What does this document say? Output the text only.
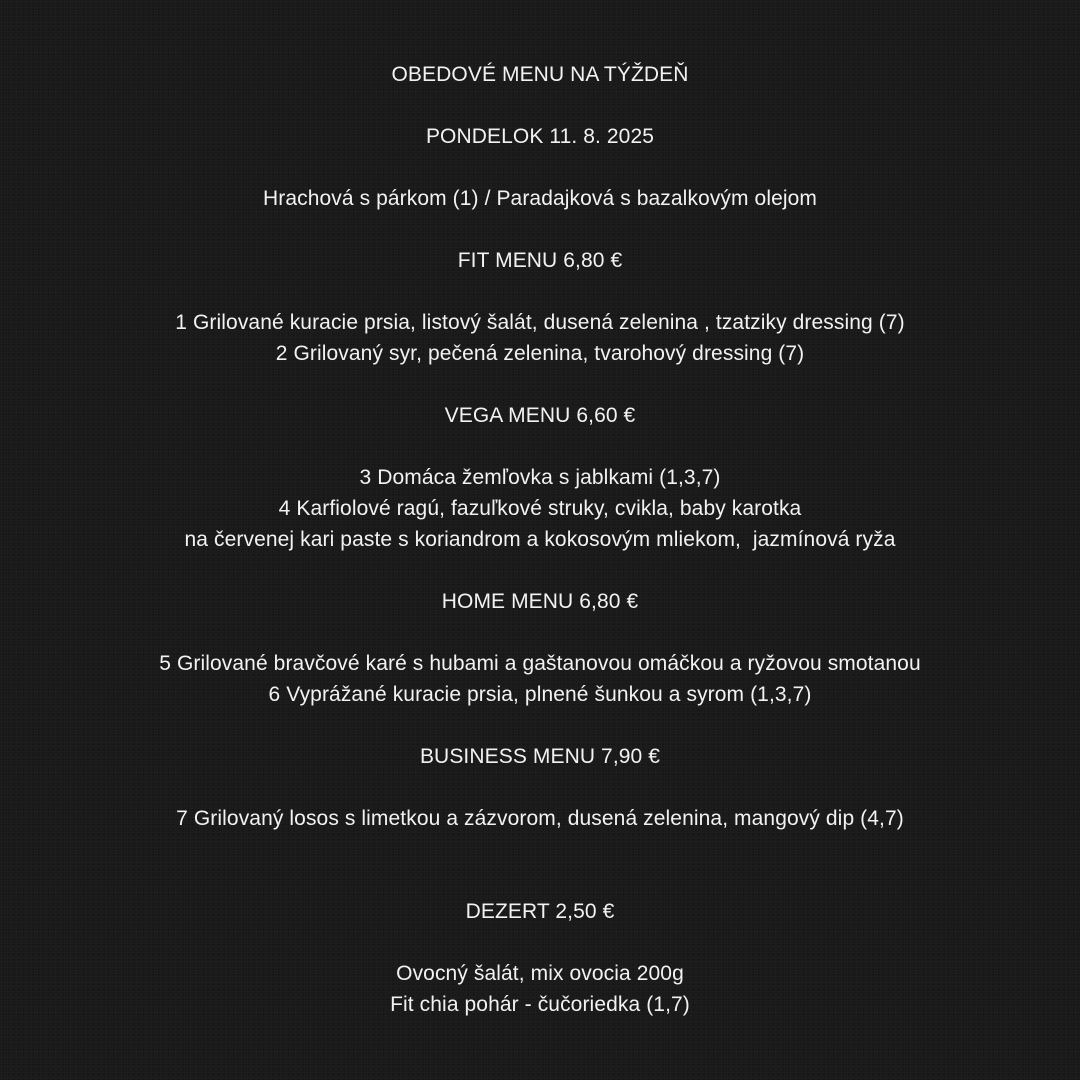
OBEDOVÉ MENU NA TÝŽDEŇ

PONDELOK 11. 8. 2025

Hrachová s párkom (1) / Paradajková s bazalkovým olejom

FIT MENU 6,80 €

1 Grilované kuracie prsia, listový šalát, dusená zelenina , tzatziky dressing (7)

2 Grilovaný syr, pečená zelenina, tvarohový dressing (7)

VEGA MENU 6,60 €

3 Domáca žemľovka s jablkami (1,3,7)

4 Karfiolové ragú, fazuľkové struky, cvikla, baby karotka

na červenej kari paste s koriandrom a kokosovým mliekom,  jazmínová ryža

HOME MENU 6,80 €

5 Grilované bravčové karé s hubami a gaštanovou omáčkou a ryžovou smotanou

6 Vyprážané kuracie prsia, plnené šunkou a syrom (1,3,7)

BUSINESS MENU 7,90 €

7 Grilovaný losos s limetkou a zázvorom, dusená zelenina, mangový dip (4,7)

DEZERT 2,50 €

Ovocný šalát, mix ovocia 200g

Fit chia pohár - čučoriedka (1,7)
